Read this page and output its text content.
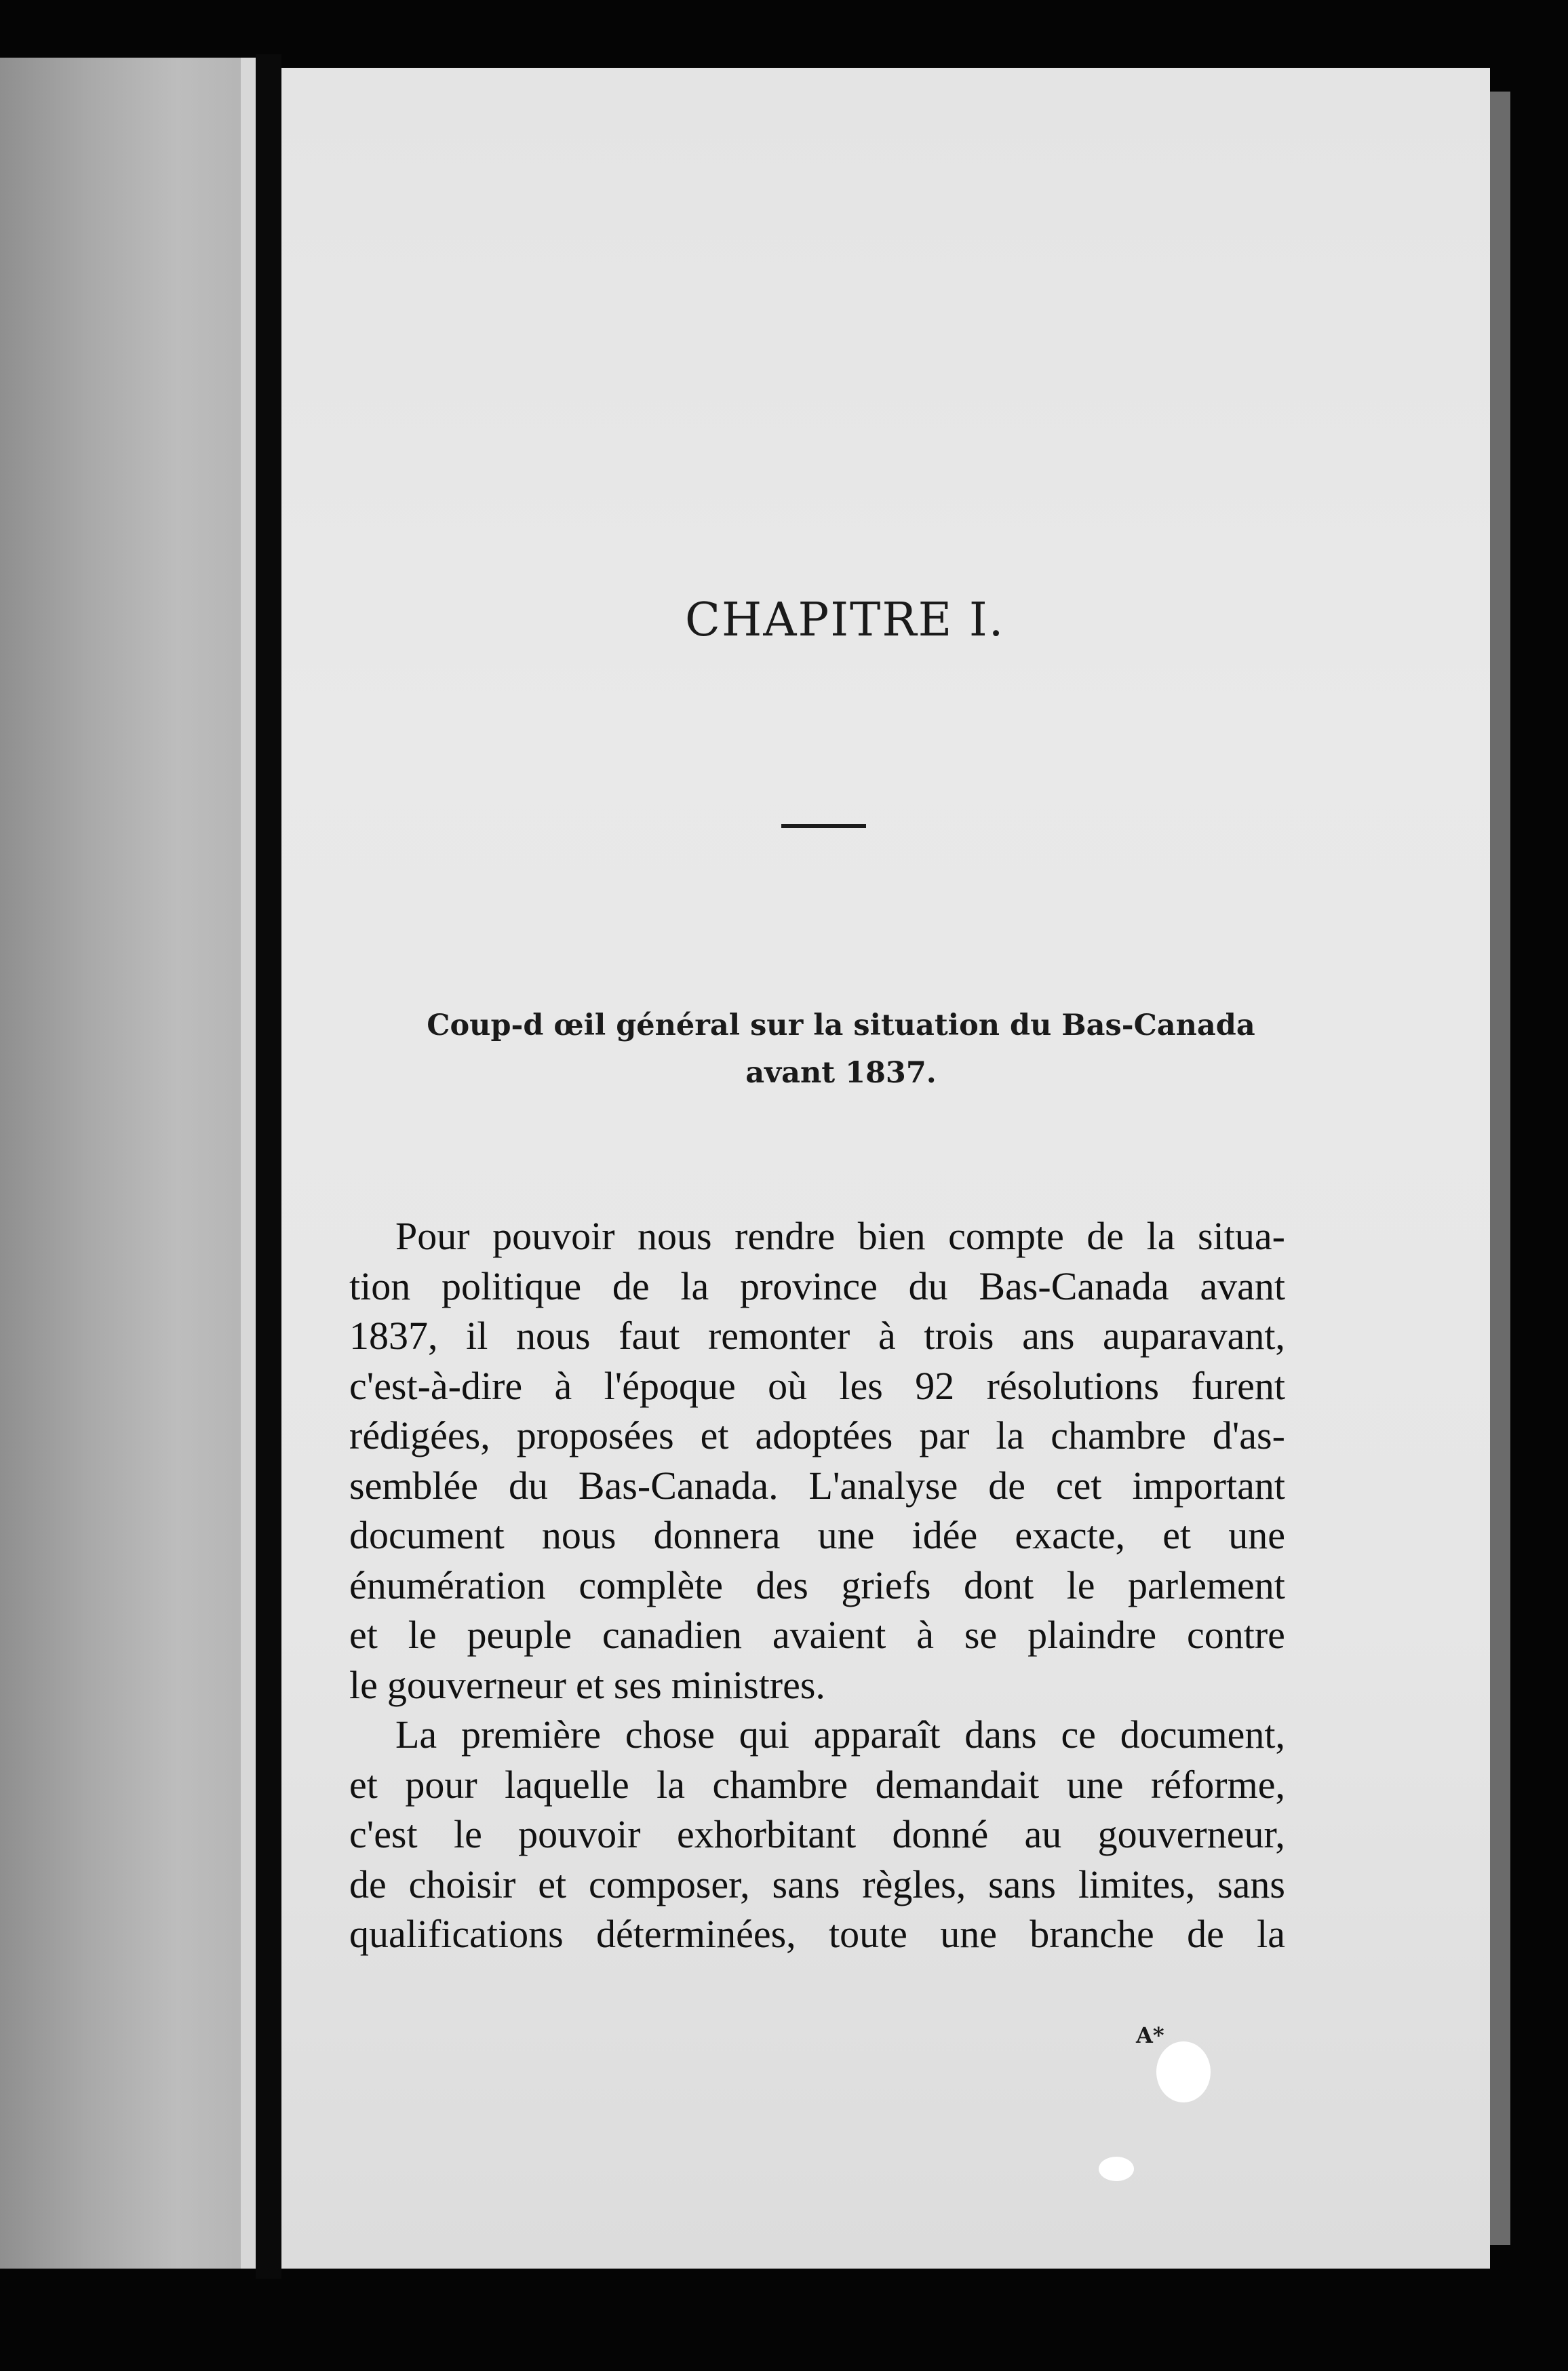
CHAPITRE I.
Coup-d œil général sur la situation du Bas-Canada
avant 1837.
Pour pouvoir nous rendre bien compte de la situa-
tion politique de la province du Bas-Canada avant
1837, il nous faut remonter à trois ans auparavant,
c'est-à-dire à l'époque où les 92 résolutions furent
rédigées, proposées et adoptées par la chambre d'as-
semblée du Bas-Canada. L'analyse de cet important
document nous donnera une idée exacte, et une
énumération complète des griefs dont le parlement
et le peuple canadien avaient à se plaindre contre
le gouverneur et ses ministres.
La première chose qui apparaît dans ce document,
et pour laquelle la chambre demandait une réforme,
c'est le pouvoir exhorbitant donné au gouverneur,
de choisir et composer, sans règles, sans limites, sans
qualifications déterminées, toute une branche de la
A*
